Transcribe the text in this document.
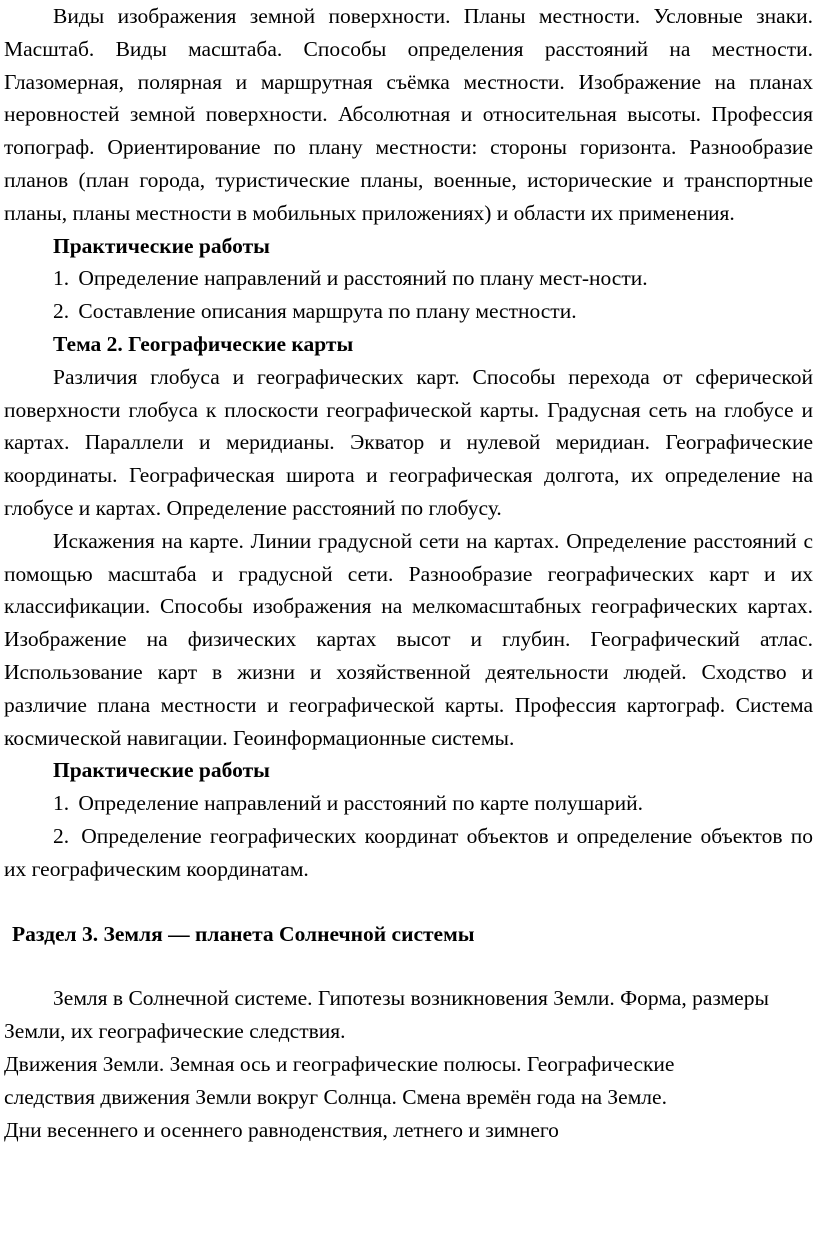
Виды изображения земной поверхности. Планы местности. Условные знаки. Масштаб. Виды масштаба. Способы определения расстояний на местности. Глазомерная, полярная и маршрутная съёмка местности. Изображение на планах неровностей земной поверхности. Абсолютная и относительная высоты. Профессия топограф. Ориентирование по плану местности: стороны горизонта. Разнообразие планов (план города, туристические планы, военные, исторические и транспортные планы, планы местности в мобильных приложениях) и области их применения.

Практические работы

1. Определение направлений и расстояний по плану мест-ности.

2. Составление описания маршрута по плану местности.

Тема 2. Географические карты

Различия глобуса и географических карт. Способы перехода от сферической поверхности глобуса к плоскости географической карты. Градусная сеть на глобусе и картах. Параллели и меридианы. Экватор и нулевой меридиан. Географические координаты. Географическая широта и географическая долгота, их определение на глобусе и картах. Определение расстояний по глобусу.

Искажения на карте. Линии градусной сети на картах. Определение расстояний с помощью масштаба и градусной сети. Разнообразие географических карт и их классификации. Способы изображения на мелкомасштабных географических картах. Изображение на физических картах высот и глубин. Географический атлас. Использование карт в жизни и хозяйственной деятельности людей. Сходство и различие плана местности и географической карты. Профессия картограф. Система космической навигации. Геоинформационные системы.

Практические работы

1. Определение направлений и расстояний по карте полушарий.

2. Определение географических координат объектов и определение объектов по их географическим координатам.

Раздел 3. Земля — планета Солнечной системы

Земля в Солнечной системе. Гипотезы возникновения Земли. Форма, размеры Земли, их географические следствия.

Движения Земли. Земная ось и географические полюсы. Географические

следствия движения Земли вокруг Солнца. Смена времён года на Земле.

Дни весеннего и осеннего равноденствия, летнего и зимнего
